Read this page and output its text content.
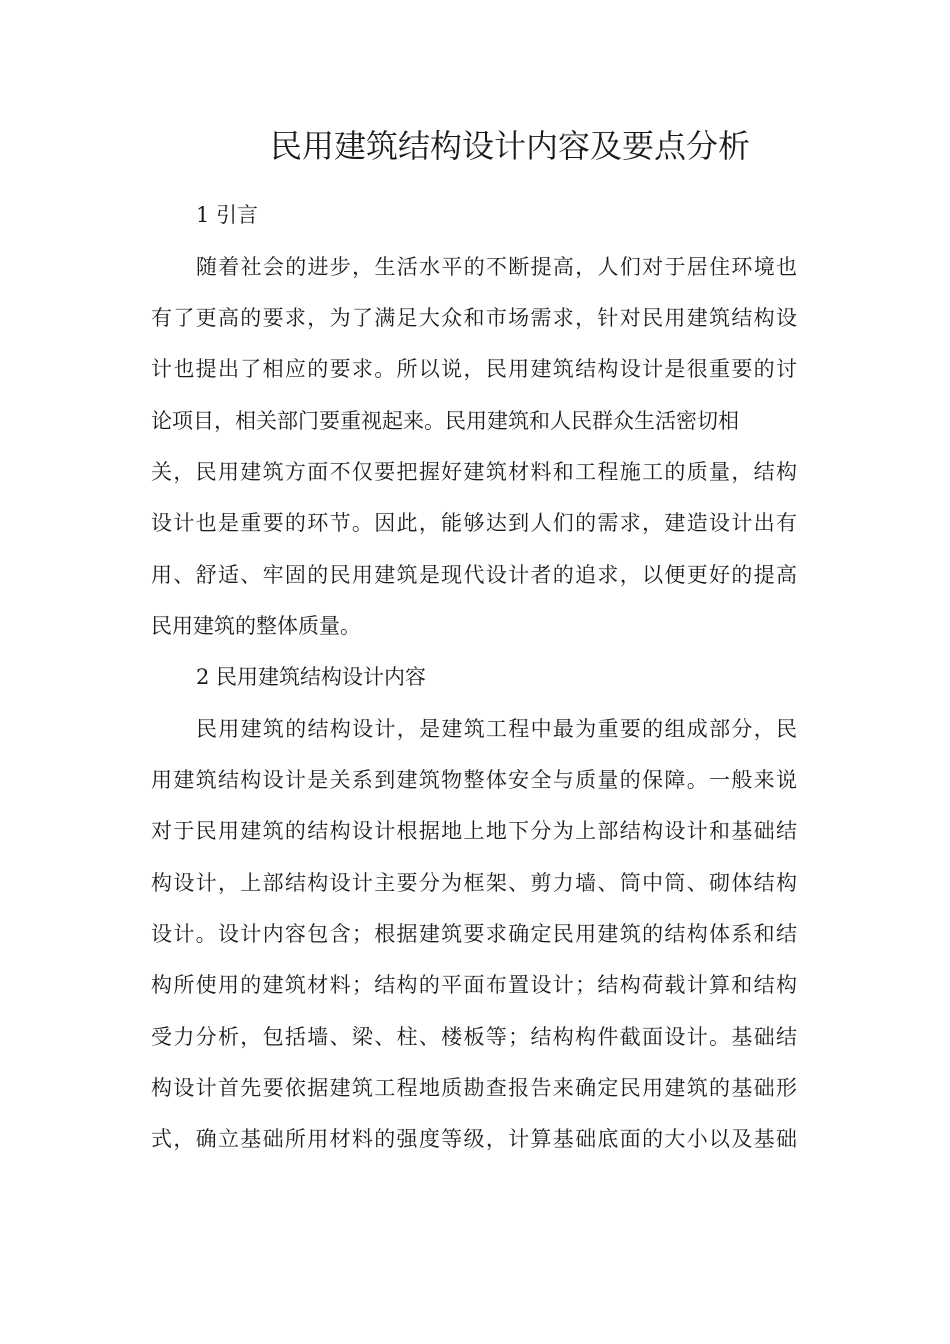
民用建筑结构设计内容及要点分析
1 引言
随着社会的进步，生活水平的不断提高，人们对于居住环境也
有了更高的要求，为了满足大众和市场需求，针对民用建筑结构设
计也提出了相应的要求。所以说，民用建筑结构设计是很重要的讨
论项目，相关部门要重视起来。民用建筑和人民群众生活密切相
关，民用建筑方面不仅要把握好建筑材料和工程施工的质量，结构
设计也是重要的环节。因此，能够达到人们的需求，建造设计出有
用、舒适、牢固的民用建筑是现代设计者的追求，以便更好的提高
民用建筑的整体质量。
2 民用建筑结构设计内容
民用建筑的结构设计，是建筑工程中最为重要的组成部分，民
用建筑结构设计是关系到建筑物整体安全与质量的保障。一般来说
对于民用建筑的结构设计根据地上地下分为上部结构设计和基础结
构设计，上部结构设计主要分为框架、剪力墙、筒中筒、砌体结构
设计。设计内容包含；根据建筑要求确定民用建筑的结构体系和结
构所使用的建筑材料；结构的平面布置设计；结构荷载计算和结构
受力分析，包括墙、梁、柱、楼板等；结构构件截面设计。基础结
构设计首先要依据建筑工程地质勘查报告来确定民用建筑的基础形
式，确立基础所用材料的强度等级，计算基础底面的大小以及基础
